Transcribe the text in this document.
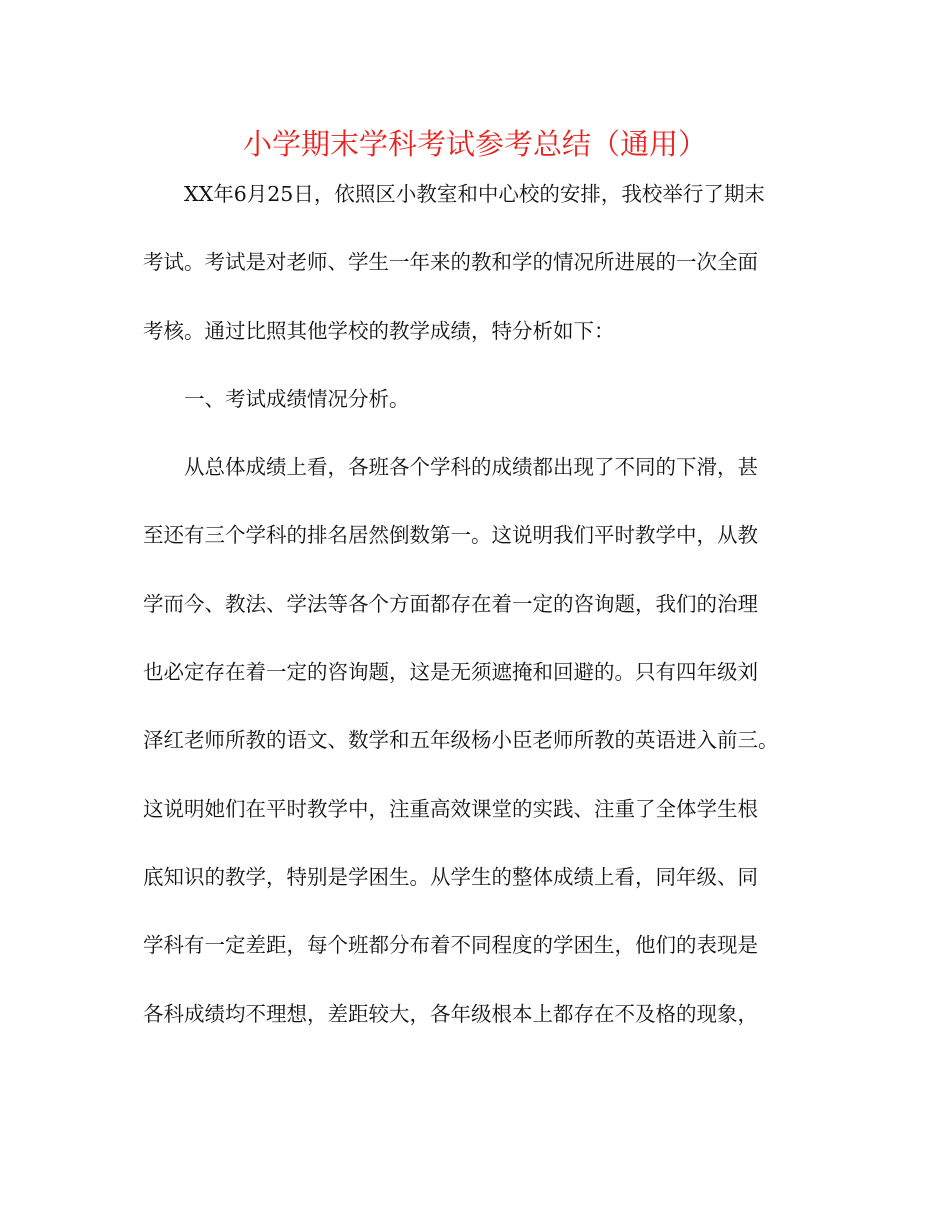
小学期末学科考试参考总结（通用）
XX年6月25日，依照区小教室和中心校的安排，我校举行了期末
考试。考试是对老师、学生一年来的教和学的情况所进展的一次全面
考核。通过比照其他学校的教学成绩，特分析如下：
一、考试成绩情况分析。
从总体成绩上看，各班各个学科的成绩都出现了不同的下滑，甚
至还有三个学科的排名居然倒数第一。这说明我们平时教学中，从教
学而今、教法、学法等各个方面都存在着一定的咨询题，我们的治理
也必定存在着一定的咨询题，这是无须遮掩和回避的。只有四年级刘
泽红老师所教的语文、数学和五年级杨小臣老师所教的英语进入前三。
这说明她们在平时教学中，注重高效课堂的实践、注重了全体学生根
底知识的教学，特别是学困生。从学生的整体成绩上看，同年级、同
学科有一定差距，每个班都分布着不同程度的学困生，他们的表现是
各科成绩均不理想，差距较大，各年级根本上都存在不及格的现象，
